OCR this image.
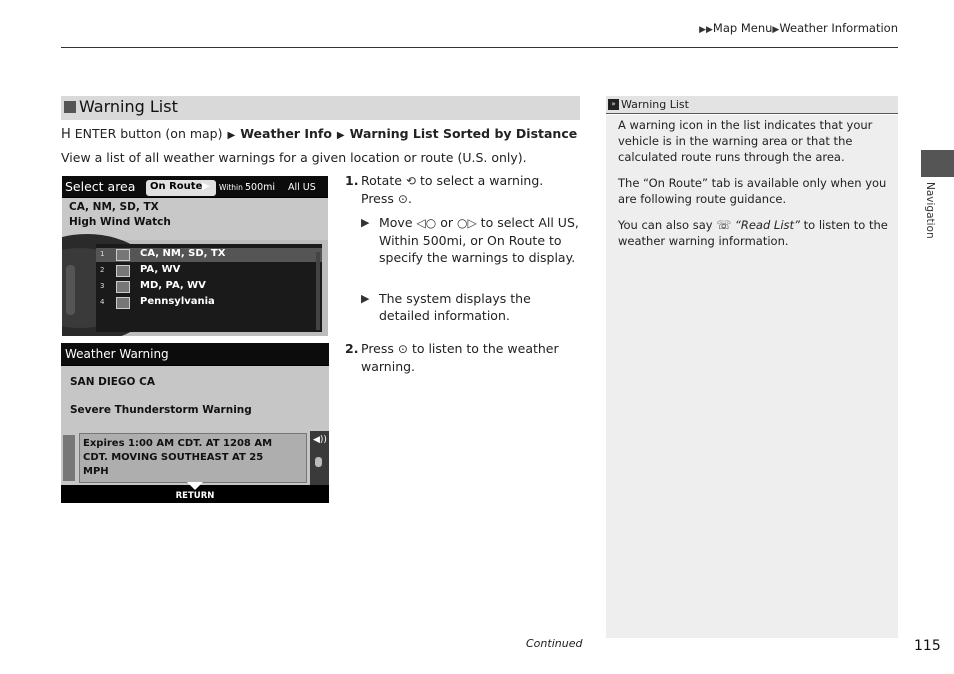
▶▶Map Menu▶Weather Information
Warning List
H ENTER button (on map) ▶ Weather Info ▶ Warning List Sorted by Distance
View a list of all weather warnings for a given location or route (U.S. only).
Select area On Route ▶ Within 500mi All US
CA, NM, SD, TX
High Wind Watch
1	CA, NM, SD, TX
2	PA, WV
3	MD, PA, WV
4	Pennsylvania
Weather Warning
SAN DIEGO CA
Severe Thunderstorm Warning
Expires 1:00 AM CDT. AT 1208 AM
CDT. MOVING SOUTHEAST AT 25
MPH
◀))
RETURN
1. Rotate ⟲ to select a warning.
Press ⊙.
▶ Move ◁○ or ○▷ to select All US, Within 500mi, or On Route to specify the warnings to display.
▶ The system displays the detailed information.
2. Press ⊙ to listen to the weather warning.
» Warning List

A warning icon in the list indicates that your vehicle is in the warning area or that the calculated route runs through the area.

The “On Route” tab is available only when you are following route guidance.

You can also say ☏ “Read List” to listen to the weather warning information.

Navigation
Continued	115
